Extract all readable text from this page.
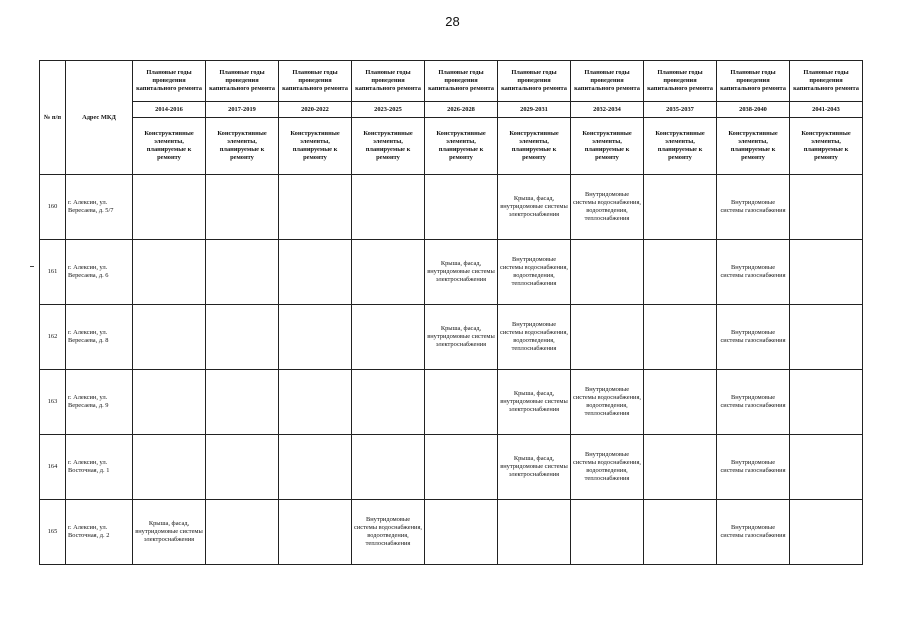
28
№ п/п	Адрес МКД	Плановые годы проведения капитального ремонта	Плановые годы проведения капитального ремонта	Плановые годы проведения капитального ремонта	Плановые годы проведения капитального ремонта	Плановые годы проведения капитального ремонта	Плановые годы проведения капитального ремонта	Плановые годы проведения капитального ремонта	Плановые годы проведения капитального ремонта	Плановые годы проведения капитального ремонта	Плановые годы проведения капитального ремонта
		2014-2016	2017-2019	2020-2022	2023-2025	2026-2028	2029-2031	2032-2034	2035-2037	2038-2040	2041-2043
		Конструктивные элементы, планируемые к ремонту	Конструктивные элементы, планируемые к ремонту	Конструктивные элементы, планируемые к ремонту	Конструктивные элементы, планируемые к ремонту	Конструктивные элементы, планируемые к ремонту	Конструктивные элементы, планируемые к ремонту	Конструктивные элементы, планируемые к ремонту	Конструктивные элементы, планируемые к ремонту	Конструктивные элементы, планируемые к ремонту	Конструктивные элементы, планируемые к ремонту
160	г. Алексин, ул. Вересаева, д. 5/7						Крыша, фасад, внутридомовые системы электроснабжения	Внутридомовые системы водоснабжения, водоотведения, теплоснабжения		Внутридомовые системы газоснабжения	
161	г. Алексин, ул. Вересаева, д. 6					Крыша, фасад, внутридомовые системы электроснабжения	Внутридомовые системы водоснабжения, водоотведения, теплоснабжения			Внутридомовые системы газоснабжения	
162	г. Алексин, ул. Вересаева, д. 8					Крыша, фасад, внутридомовые системы электроснабжения	Внутридомовые системы водоснабжения, водоотведения, теплоснабжения			Внутридомовые системы газоснабжения	
163	г. Алексин, ул. Вересаева, д. 9						Крыша, фасад, внутридомовые системы электроснабжения	Внутридомовые системы водоснабжения, водоотведения, теплоснабжения		Внутридомовые системы газоснабжения	
164	г. Алексин, ул. Восточная, д. 1						Крыша, фасад, внутридомовые системы электроснабжения	Внутридомовые системы водоснабжения, водоотведения, теплоснабжения		Внутридомовые системы газоснабжения	
165	г. Алексин, ул. Восточная, д. 2	Крыша, фасад, внутридомовые системы электроснабжения			Внутридомовые системы водоснабжения, водоотведения, теплоснабжения					Внутридомовые системы газоснабжения	
